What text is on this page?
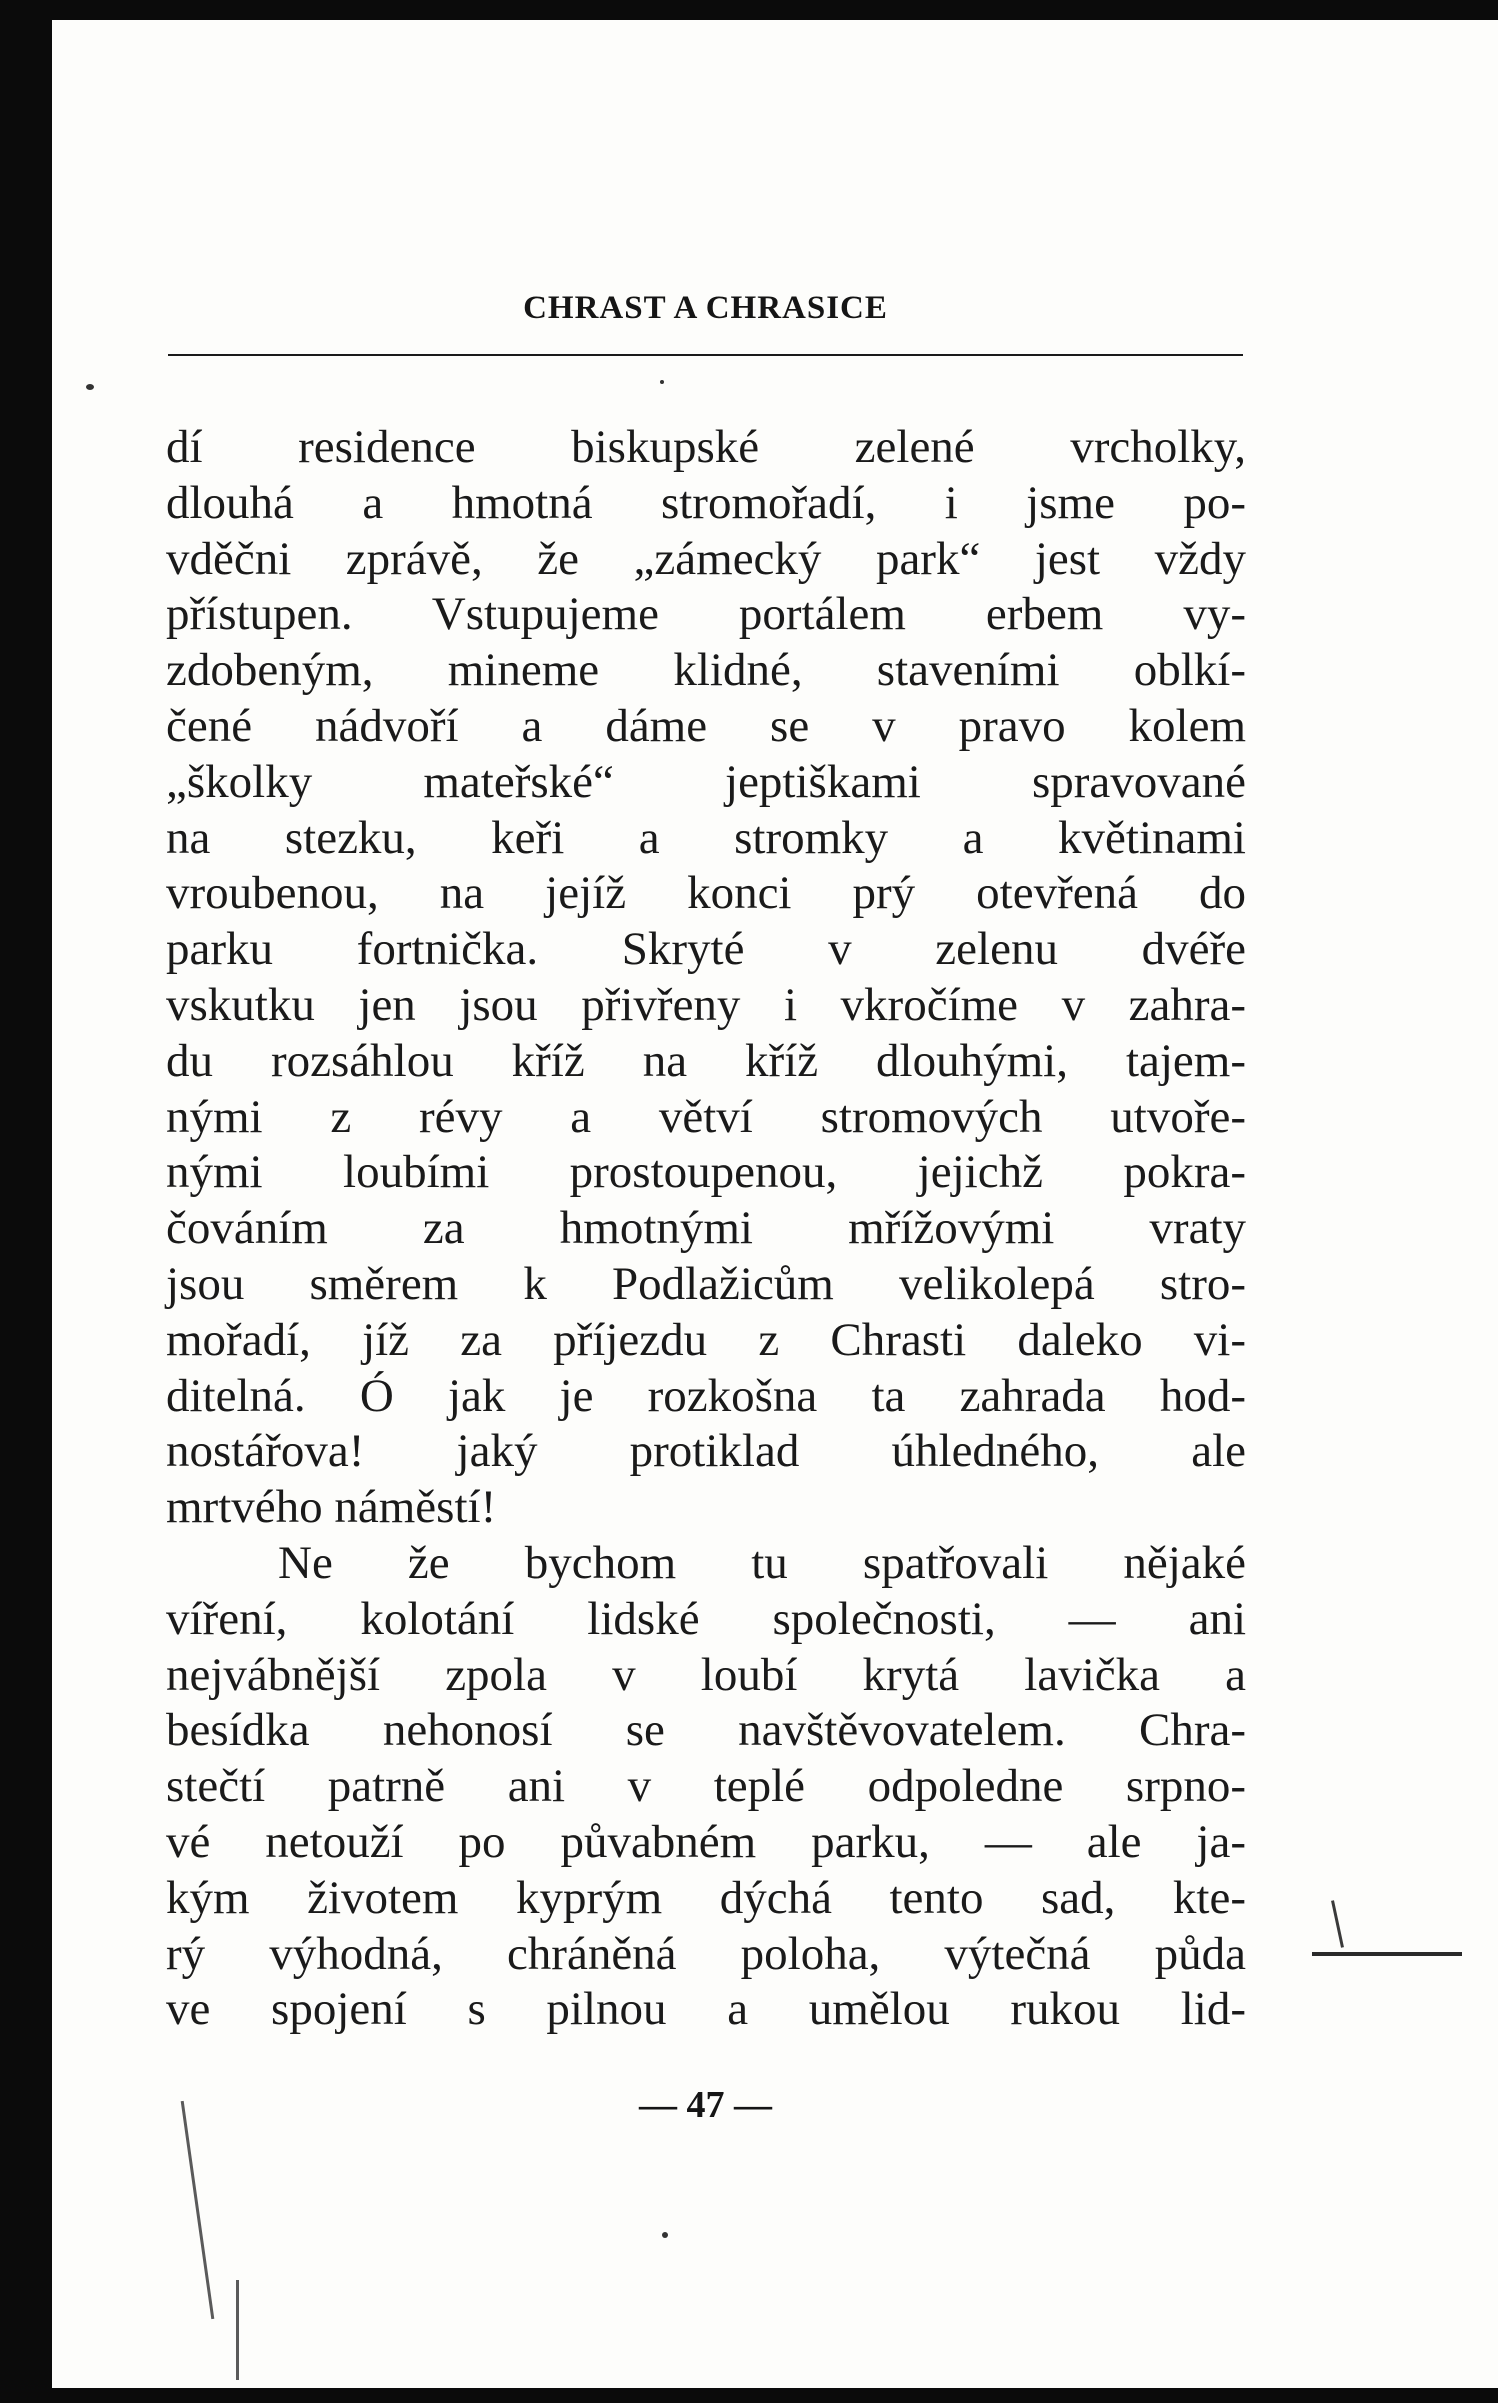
CHRAST A CHRASICE

dí residence biskupské zelené vrcholky,
dlouhá a hmotná stromořadí, i jsme po-
vděčni zprávě, že „zámecký park“ jest vždy
přístupen. Vstupujeme portálem erbem vy-
zdobeným, mineme klidné, staveními oblkí-
čené nádvoří a dáme se v pravo kolem
„školky mateřské“ jeptiškami spravované
na stezku, keři a stromky a květinami
vroubenou, na jejíž konci prý otevřená do
parku fortnička. Skryté v zelenu dvéře
vskutku jen jsou přivřeny i vkročíme v zahra-
du rozsáhlou kříž na kříž dlouhými, tajem-
nými z révy a větví stromových utvoře-
nými loubími prostoupenou, jejichž pokra-
čováním za hmotnými mřížovými vraty
jsou směrem k Podlažicům velikolepá stro-
mořadí, jíž za příjezdu z Chrasti daleko vi-
ditelná. Ó jak je rozkošna ta zahrada hod-
nostářova! jaký protiklad úhledného, ale
mrtvého náměstí!

Ne že bychom tu spatřovali nějaké
víření, kolotání lidské společnosti, — ani
nejvábnější zpola v loubí krytá lavička a
besídka nehonosí se navštěvovatelem. Chra-
stečtí patrně ani v teplé odpoledne srpno-
vé netouží po půvabném parku, — ale ja-
kým životem kyprým dýchá tento sad, kte-
rý výhodná, chráněná poloha, výtečná půda
ve spojení s pilnou a umělou rukou lid-

— 47 —
